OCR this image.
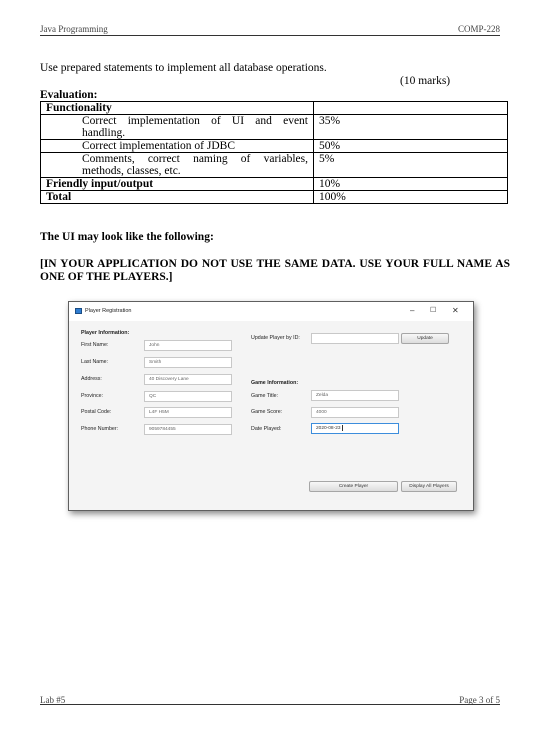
Java Programming	COMP-228
Use prepared statements to implement all database operations.
(10 marks)
Evaluation:
Functionality	
Correct implementation of UI and event handling.	35%
Correct implementation of JDBC	50%
Comments, correct naming of variables, methods, classes, etc.	5%
Friendly input/output	10%
Total	100%
The UI may look like the following:
[IN YOUR APPLICATION DO NOT USE THE SAME DATA. USE YOUR FULL NAME AS ONE OF THE PLAYERS.]
Player Registration	– ☐ ✕
Player Information:
First Name:	John
Last Name:	Smith
Address:	40 Discovery Lane
Province:	QC
Postal Code:	L4F H5M
Phone Number:	9059784455
Update Player by ID:	Update
Game Information:
Game Title:	Zelda
Game Score:	4000
Date Played:	2020-08-23
Create Player	Display All Players
Lab #5	Page 3 of 5
